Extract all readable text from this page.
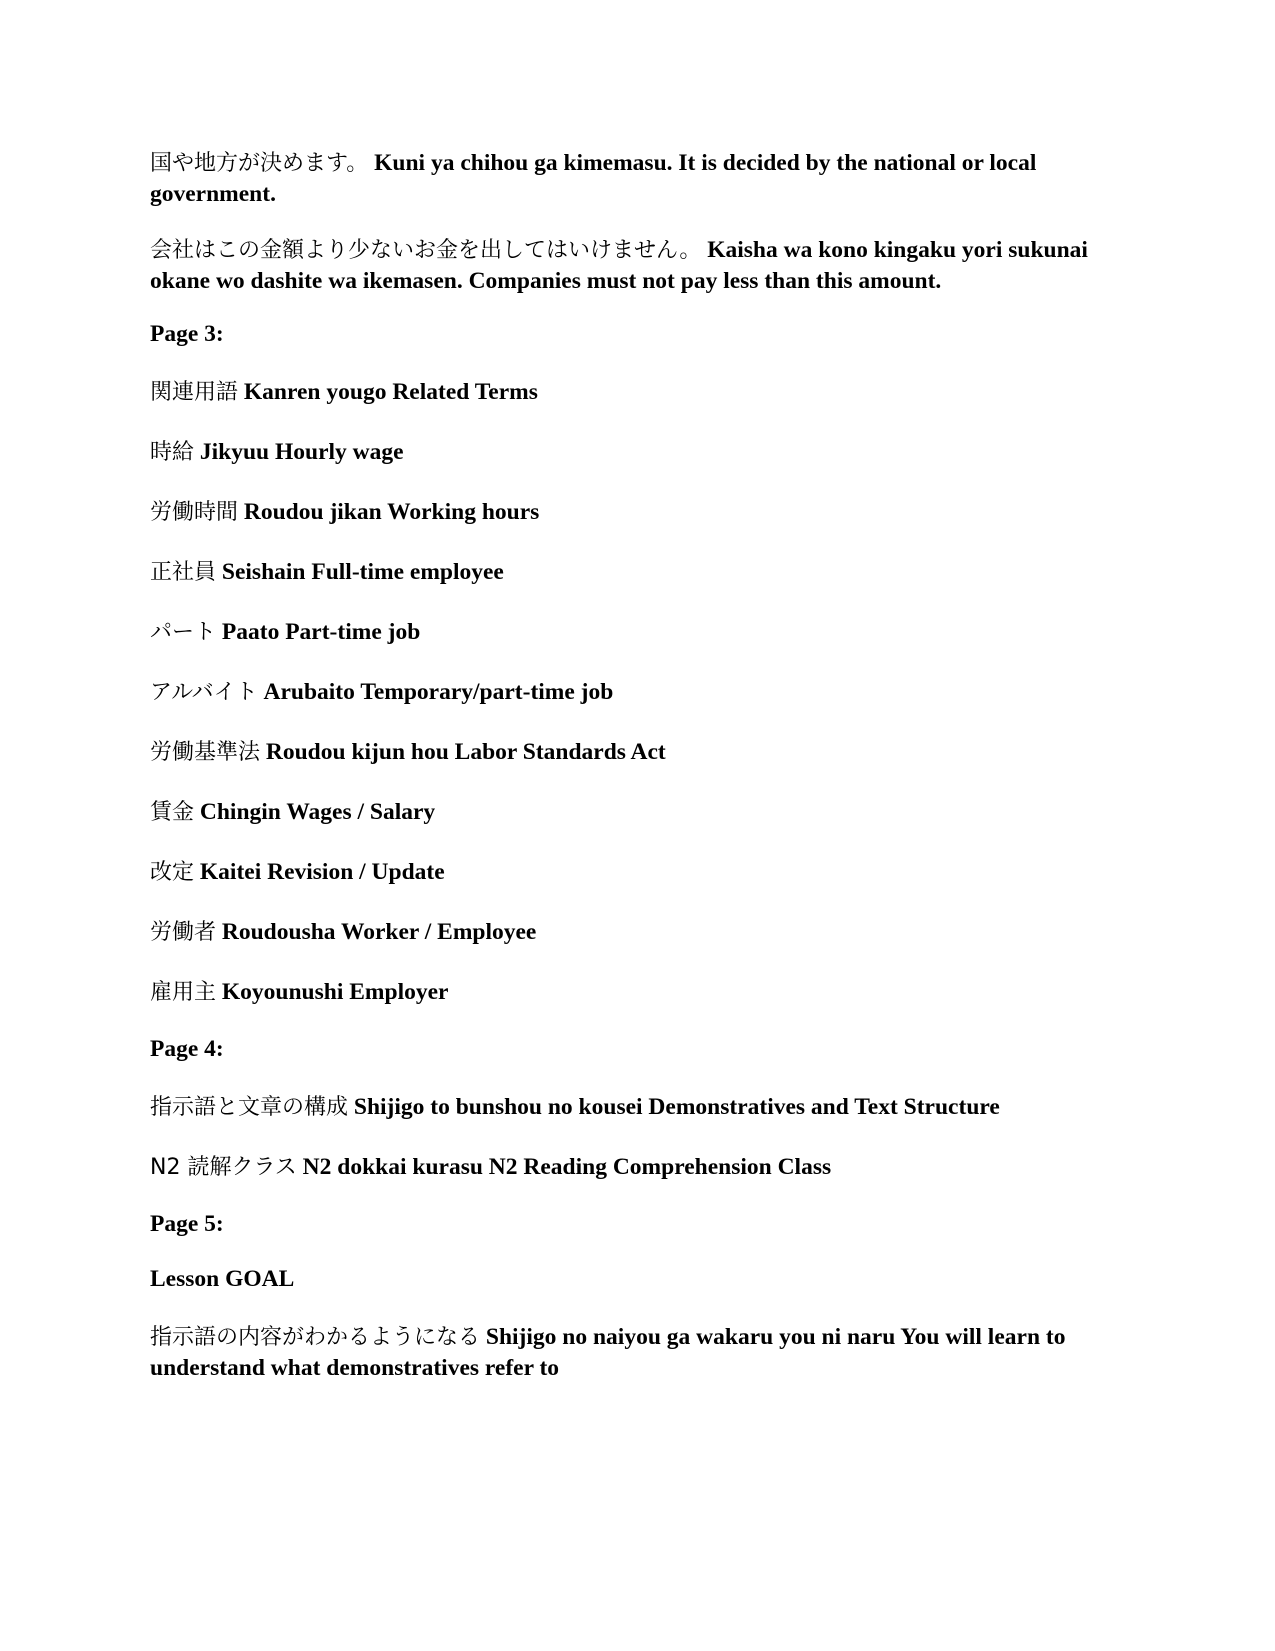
国や地方が決めます。 Kuni ya chihou ga kimemasu. It is decided by the national or local government.

会社はこの金額より少ないお金を出してはいけません。 Kaisha wa kono kingaku yori sukunai okane wo dashite wa ikemasen. Companies must not pay less than this amount.

Page 3:

関連用語 Kanren yougo Related Terms

時給 Jikyuu Hourly wage

労働時間 Roudou jikan Working hours

正社員 Seishain Full-time employee

パート Paato Part-time job

アルバイト Arubaito Temporary/part-time job

労働基準法 Roudou kijun hou Labor Standards Act

賃金 Chingin Wages / Salary

改定 Kaitei Revision / Update

労働者 Roudousha Worker / Employee

雇用主 Koyounushi Employer

Page 4:

指示語と文章の構成 Shijigo to bunshou no kousei Demonstratives and Text Structure

N2 読解クラス N2 dokkai kurasu N2 Reading Comprehension Class

Page 5:

Lesson GOAL

指示語の内容がわかるようになる Shijigo no naiyou ga wakaru you ni naru You will learn to understand what demonstratives refer to
